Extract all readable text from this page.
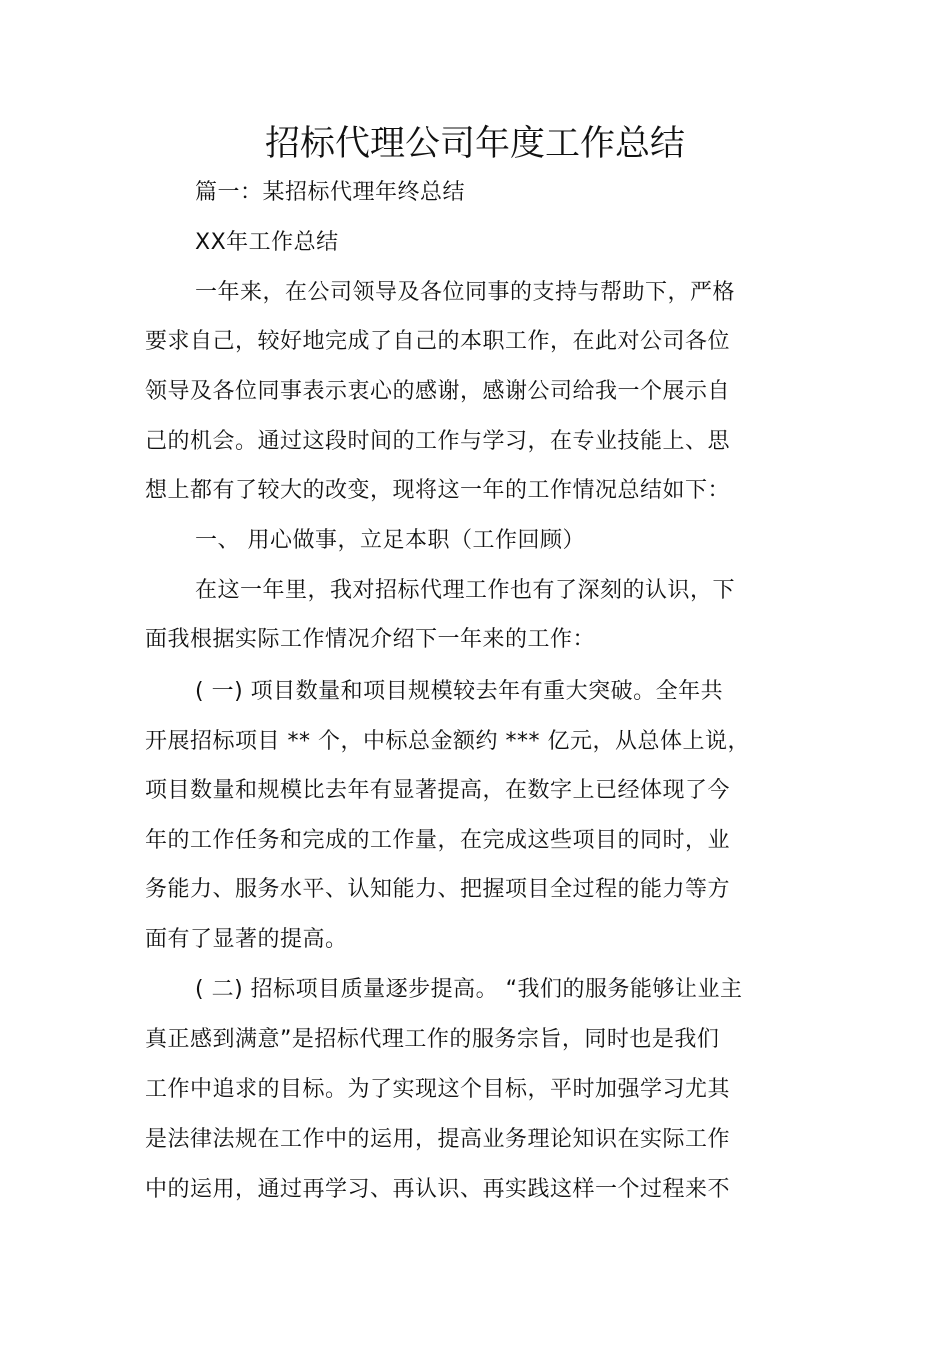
招标代理公司年度工作总结
篇一：某招标代理年终总结
XX年工作总结
一年来，在公司领导及各位同事的支持与帮助下，严格
要求自己，较好地完成了自己的本职工作，在此对公司各位
领导及各位同事表示衷心的感谢，感谢公司给我一个展示自
己的机会。通过这段时间的工作与学习，在专业技能上、思
想上都有了较大的改变，现将这一年的工作情况总结如下：
一、 用心做事，立足本职（工作回顾）
在这一年里，我对招标代理工作也有了深刻的认识，下
面我根据实际工作情况介绍下一年来的工作：
( 一) 项目数量和项目规模较去年有重大突破。全年共
开展招标项目 ** 个，中标总金额约 *** 亿元，从总体上说，
项目数量和规模比去年有显著提高，在数字上已经体现了今
年的工作任务和完成的工作量，在完成这些项目的同时，业
务能力、服务水平、认知能力、把握项目全过程的能力等方
面有了显著的提高。
( 二) 招标项目质量逐步提高。 “我们的服务能够让业主
真正感到满意”是招标代理工作的服务宗旨，同时也是我们
工作中追求的目标。为了实现这个目标，平时加强学习尤其
是法律法规在工作中的运用，提高业务理论知识在实际工作
中的运用，通过再学习、再认识、再实践这样一个过程来不
